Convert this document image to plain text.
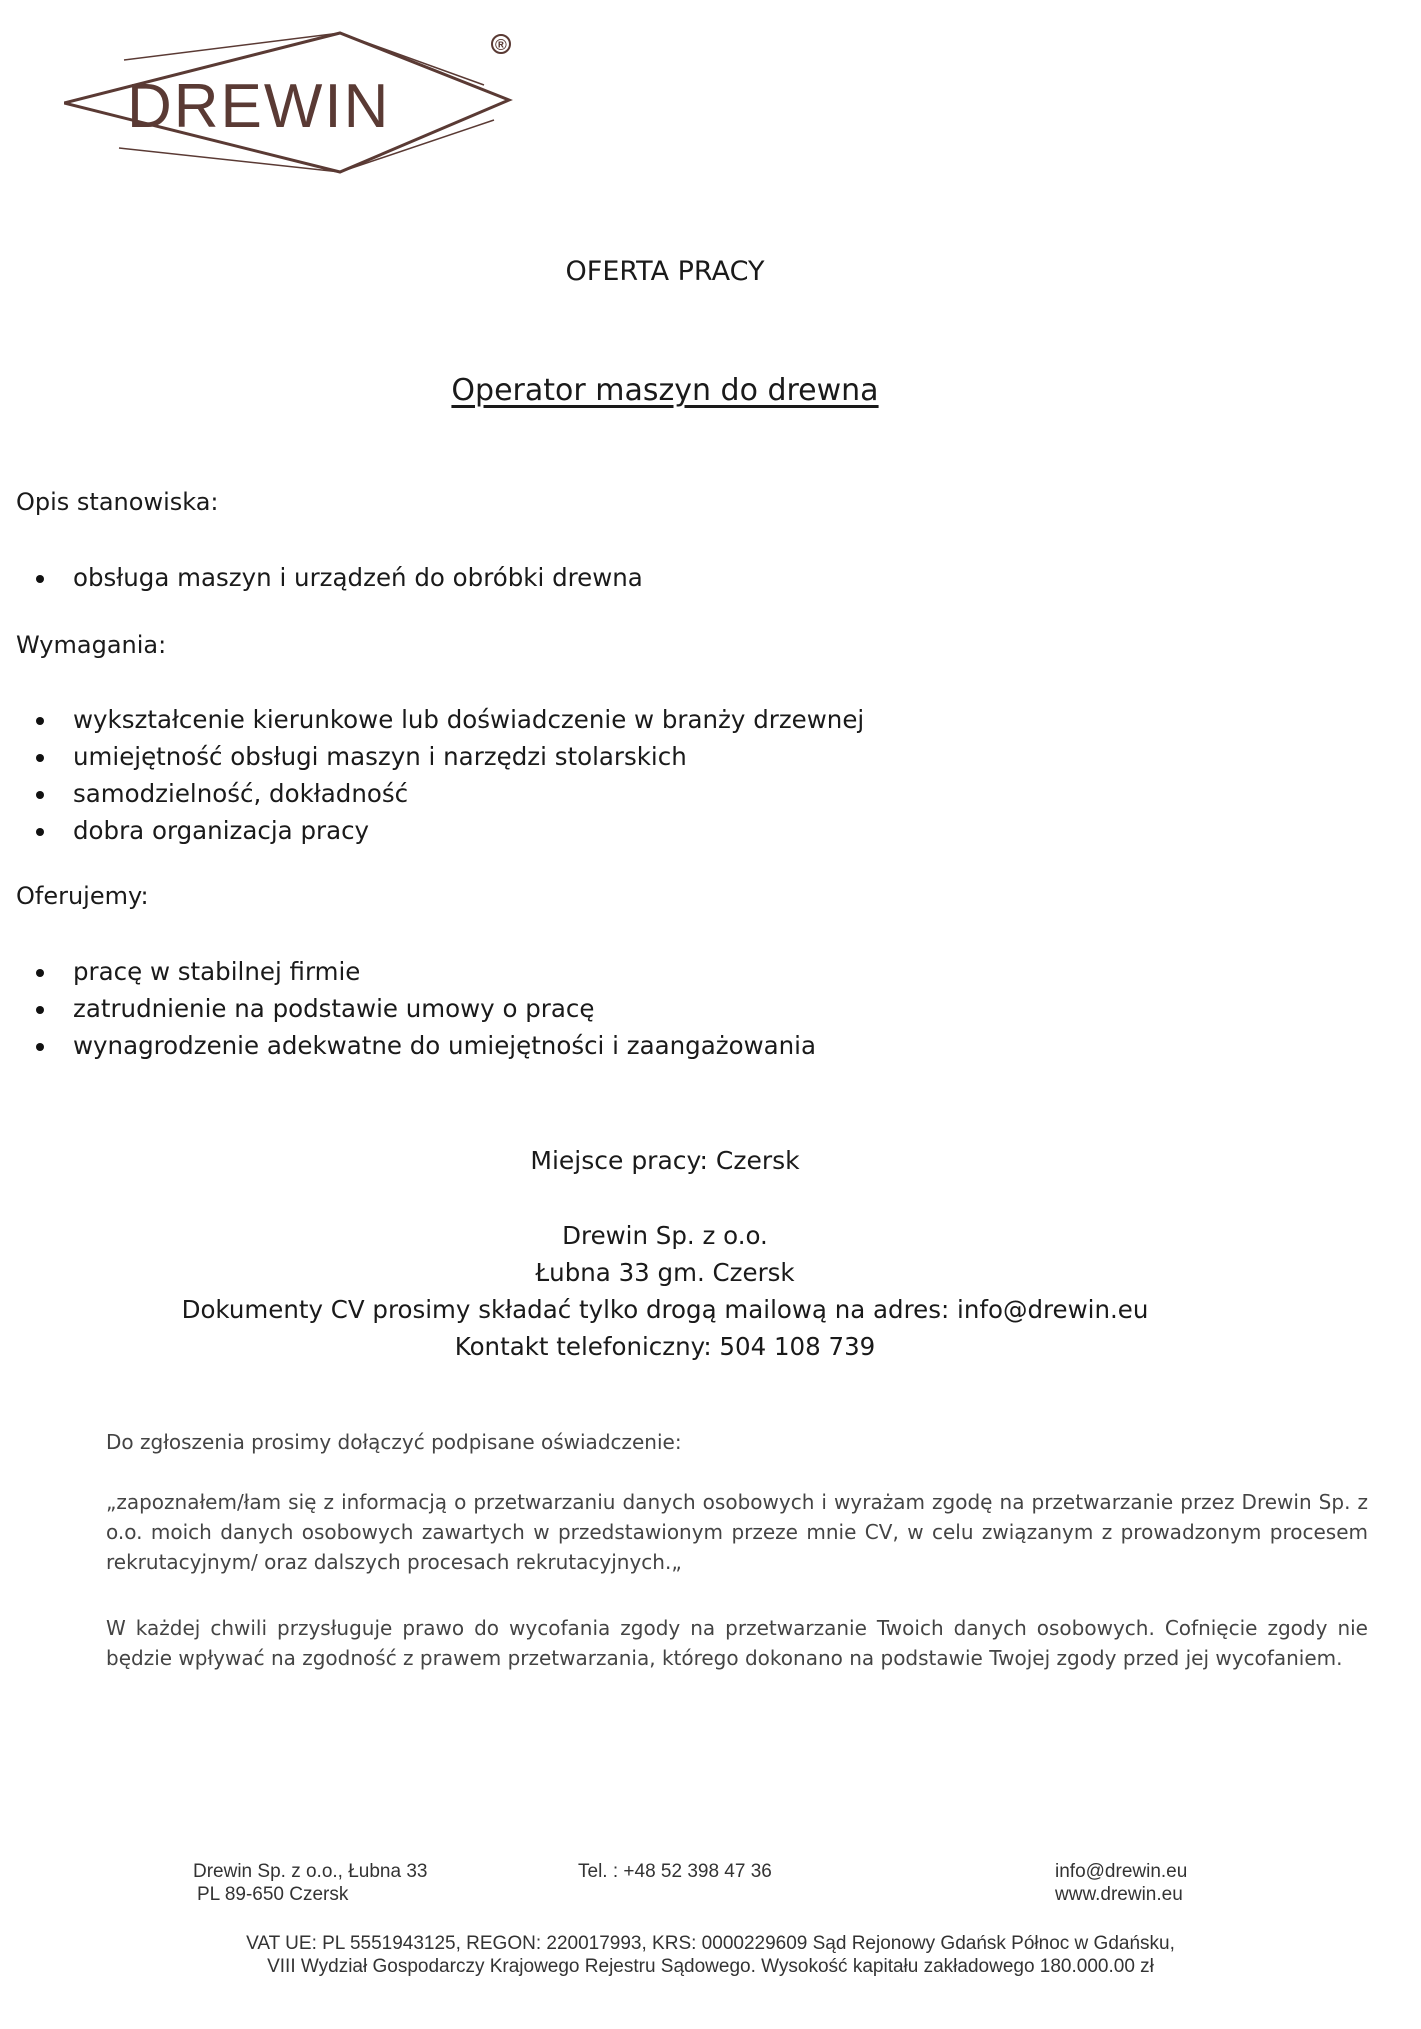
DREWIN
®
OFERTA PRACY
Operator maszyn do drewna
Opis stanowiska:
obsługa maszyn i urządzeń do obróbki drewna
Wymagania:
wykształcenie kierunkowe lub doświadczenie w branży drzewnej
umiejętność obsługi maszyn i narzędzi stolarskich
samodzielność, dokładność
dobra organizacja pracy
Oferujemy:
pracę w stabilnej firmie
zatrudnienie na podstawie umowy o pracę
wynagrodzenie adekwatne do umiejętności i zaangażowania
Miejsce pracy: Czersk
Drewin Sp. z o.o.
Łubna 33 gm. Czersk
Dokumenty CV prosimy składać tylko drogą mailową na adres: info@drewin.eu
Kontakt telefoniczny: 504 108 739
Do zgłoszenia prosimy dołączyć podpisane oświadczenie:
„zapoznałem/łam się z informacją o przetwarzaniu danych osobowych i wyrażam zgodę na przetwarzanie przez Drewin Sp. z o.o. moich danych osobowych zawartych w przedstawionym przeze mnie CV, w celu związanym z prowadzonym procesem rekrutacyjnym/ oraz dalszych procesach rekrutacyjnych.„
W każdej chwili przysługuje prawo do wycofania zgody na przetwarzanie Twoich danych osobowych. Cofnięcie zgody nie będzie wpływać na zgodność z prawem przetwarzania, którego dokonano na podstawie Twojej zgody przed jej wycofaniem.
Drewin Sp. z o.o., Łubna 33
PL 89-650 Czersk
Tel. : +48 52 398 47 36	info@drewin.eu
www.drewin.eu
VAT UE: PL 5551943125, REGON: 220017993, KRS: 0000229609 Sąd Rejonowy Gdańsk Północ w Gdańsku,
VIII Wydział Gospodarczy Krajowego Rejestru Sądowego. Wysokość kapitału zakładowego 180.000.00 zł
